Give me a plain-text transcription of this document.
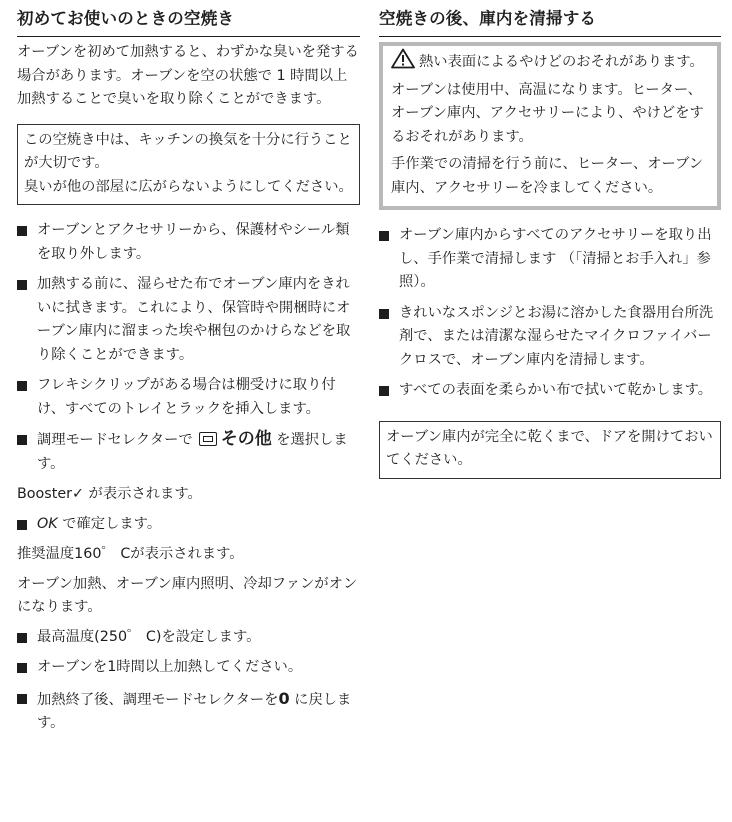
初めてお使いのときの空焼き

オーブンを初めて加熱すると、わずかな臭いを発する場合があります。オーブンを空の状態で 1 時間以上加熱することで臭いを取り除くことができます。

この空焼き中は、キッチンの換気を十分に行うことが大切です。

臭いが他の部屋に広がらないようにしてください。

オーブンとアクセサリーから、保護材やシール類を取り外します。
加熱する前に、湿らせた布でオーブン庫内をきれいに拭きます。これにより、保管時や開梱時にオーブン庫内に溜まった埃や梱包のかけらなどを取り除くことができます。
フレキシクリップがある場合は棚受けに取り付け、すべてのトレイとラックを挿入します。
調理モードセレクターで その他 を選択します。

Booster✓ が表示されます。

OK で確定します。

推奨温度160゜ Cが表示されます。

オーブン加熱、オーブン庫内照明、冷却ファンがオンになります。

最高温度(250゜ C)を設定します。
オーブンを1時間以上加熱してください。
加熱終了後、調理モードセレクターを0 に戻します。
空焼きの後、庫内を清掃する

熱い表面によるやけどのおそれがあります。

オーブンは使用中、高温になります。ヒーター、オーブン庫内、アクセサリーにより、やけどをするおそれがあります。

手作業での清掃を行う前に、ヒーター、オーブン庫内、アクセサリーを冷ましてください。

オーブン庫内からすべてのアクセサリーを取り出し、手作業で清掃します （「清掃とお手入れ」参照）。
きれいなスポンジとお湯に溶かした食器用台所洗剤で、または清潔な湿らせたマイクロファイバークロスで、オーブン庫内を清掃します。
すべての表面を柔らかい布で拭いて乾かします。

オーブン庫内が完全に乾くまで、ドアを開けておいてください。
